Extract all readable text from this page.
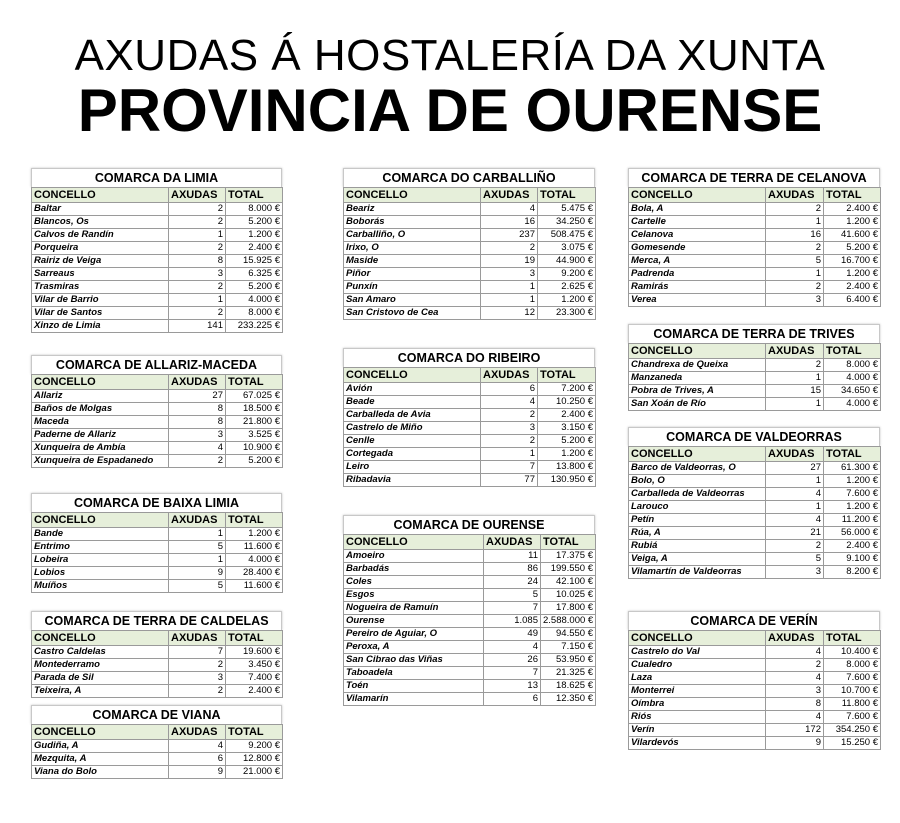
AXUDAS Á HOSTALERÍA DA XUNTA
PROVINCIA DE OURENSE
COMARCA DA LIMIA
CONCELLO	AXUDAS	TOTAL
Baltar	2	8.000 €
Blancos, Os	2	5.200 €
Calvos de Randín	1	1.200 €
Porqueira	2	2.400 €
Rairiz de Veiga	8	15.925 €
Sarreaus	3	6.325 €
Trasmiras	2	5.200 €
Vilar de Barrio	1	4.000 €
Vilar de Santos	2	8.000 €
Xinzo de Limia	141	233.225 €
COMARCA DE ALLARIZ-MACEDA
CONCELLO	AXUDAS	TOTAL
Allariz	27	67.025 €
Baños de Molgas	8	18.500 €
Maceda	8	21.800 €
Paderne de Allariz	3	3.525 €
Xunqueira de Ambía	4	10.900 €
Xunqueira de Espadanedo	2	5.200 €
COMARCA DE BAIXA LIMIA
CONCELLO	AXUDAS	TOTAL
Bande	1	1.200 €
Entrimo	5	11.600 €
Lobeira	1	4.000 €
Lobios	9	28.400 €
Muíños	5	11.600 €
COMARCA DE TERRA DE CALDELAS
CONCELLO	AXUDAS	TOTAL
Castro Caldelas	7	19.600 €
Montederramo	2	3.450 €
Parada de Sil	3	7.400 €
Teixeira, A	2	2.400 €
COMARCA DE VIANA
CONCELLO	AXUDAS	TOTAL
Gudiña, A	4	9.200 €
Mezquita, A	6	12.800 €
Viana do Bolo	9	21.000 €
COMARCA DO CARBALLIÑO
CONCELLO	AXUDAS	TOTAL
Beariz	4	5.475 €
Boborás	16	34.250 €
Carballiño, O	237	508.475 €
Irixo, O	2	3.075 €
Maside	19	44.900 €
Piñor	3	9.200 €
Punxín	1	2.625 €
San Amaro	1	1.200 €
San Cristovo de Cea	12	23.300 €
COMARCA DO RIBEIRO
CONCELLO	AXUDAS	TOTAL
Avión	6	7.200 €
Beade	4	10.250 €
Carballeda de Avia	2	2.400 €
Castrelo de Miño	3	3.150 €
Cenlle	2	5.200 €
Cortegada	1	1.200 €
Leiro	7	13.800 €
Ribadavia	77	130.950 €
COMARCA DE OURENSE
CONCELLO	AXUDAS	TOTAL
Amoeiro	11	17.375 €
Barbadás	86	199.550 €
Coles	24	42.100 €
Esgos	5	10.025 €
Nogueira de Ramuín	7	17.800 €
Ourense	1.085	2.588.000 €
Pereiro de Aguiar, O	49	94.550 €
Peroxa, A	4	7.150 €
San Cibrao das Viñas	26	53.950 €
Taboadela	7	21.325 €
Toén	13	18.625 €
Vilamarín	6	12.350 €
COMARCA DE TERRA DE CELANOVA
CONCELLO	AXUDAS	TOTAL
Bola, A	2	2.400 €
Cartelle	1	1.200 €
Celanova	16	41.600 €
Gomesende	2	5.200 €
Merca, A	5	16.700 €
Padrenda	1	1.200 €
Ramirás	2	2.400 €
Verea	3	6.400 €
COMARCA DE TERRA DE TRIVES
CONCELLO	AXUDAS	TOTAL
Chandrexa de Queixa	2	8.000 €
Manzaneda	1	4.000 €
Pobra de Trives, A	15	34.650 €
San Xoán de Río	1	4.000 €
COMARCA DE VALDEORRAS
CONCELLO	AXUDAS	TOTAL
Barco de Valdeorras, O	27	61.300 €
Bolo, O	1	1.200 €
Carballeda de Valdeorras	4	7.600 €
Larouco	1	1.200 €
Petín	4	11.200 €
Rúa, A	21	56.000 €
Rubiá	2	2.400 €
Veiga, A	5	9.100 €
Vilamartín de Valdeorras	3	8.200 €
COMARCA DE VERÍN
CONCELLO	AXUDAS	TOTAL
Castrelo do Val	4	10.400 €
Cualedro	2	8.000 €
Laza	4	7.600 €
Monterrei	3	10.700 €
Oímbra	8	11.800 €
Riós	4	7.600 €
Verín	172	354.250 €
Vilardevós	9	15.250 €
